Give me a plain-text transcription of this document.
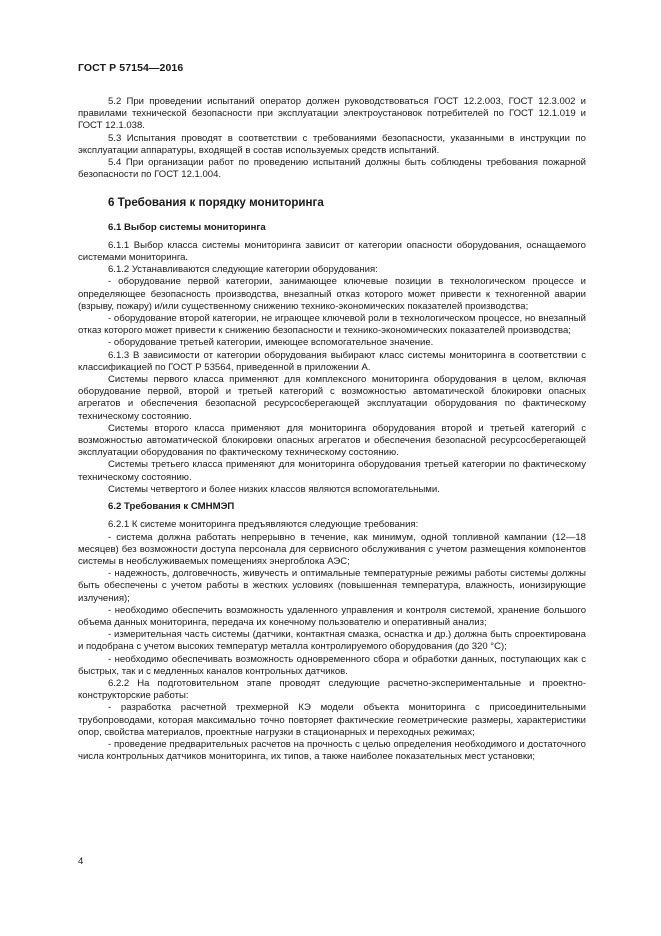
ГОСТ Р 57154—2016

5.2 При проведении испытаний оператор должен руководствоваться ГОСТ 12.2.003, ГОСТ 12.3.002 и правилами технической безопасности при эксплуатации электроустановок потребителей по ГОСТ 12.1.019 и ГОСТ 12.1.038.

5.3 Испытания проводят в соответствии с требованиями безопасности, указанными в инструкции по эксплуатации аппаратуры, входящей в состав используемых средств испытаний.

5.4 При организации работ по проведению испытаний должны быть соблюдены требования пожарной безопасности по ГОСТ 12.1.004.

6 Требования к порядку мониторинга
6.1 Выбор системы мониторинга

6.1.1 Выбор класса системы мониторинга зависит от категории опасности оборудования, оснащаемого системами мониторинга.

6.1.2 Устанавливаются следующие категории оборудования:

- оборудование первой категории, занимающее ключевые позиции в технологическом процессе и определяющее безопасность производства, внезапный отказ которого может привести к техногенной аварии (взрыву, пожару) и/или существенному снижению технико-экономических показателей производства;

- оборудование второй категории, не играющее ключевой роли в технологическом процессе, но внезапный отказ которого может привести к снижению безопасности и технико-экономических показателей производства;

- оборудование третьей категории, имеющее вспомогательное значение.

6.1.3 В зависимости от категории оборудования выбирают класс системы мониторинга в соответствии с классификацией по ГОСТ Р 53564, приведенной в приложении А.

Системы первого класса применяют для комплексного мониторинга оборудования в целом, включая оборудование первой, второй и третьей категорий с возможностью автоматической блокировки опасных агрегатов и обеспечения безопасной ресурсосберегающей эксплуатации оборудования по фактическому техническому состоянию.

Системы второго класса применяют для мониторинга оборудования второй и третьей категорий с возможностью автоматической блокировки опасных агрегатов и обеспечения безопасной ресурсосберегающей эксплуатации оборудования по фактическому техническому состоянию.

Системы третьего класса применяют для мониторинга оборудования третьей категории по фактическому техническому состоянию.

Системы четвертого и более низких классов являются вспомогательными.

6.2 Требования к СМНМЭП

6.2.1 К системе мониторинга предъявляются следующие требования:

- система должна работать непрерывно в течение, как минимум, одной топливной кампании (12—18 месяцев) без возможности доступа персонала для сервисного обслуживания с учетом размещения компонентов системы в необслуживаемых помещениях энергоблока АЭС;

- надежность, долговечность, живучесть и оптимальные температурные режимы работы системы должны быть обеспечены с учетом работы в жестких условиях (повышенная температура, влажность, ионизирующие излучения);

- необходимо обеспечить возможность удаленного управления и контроля системой, хранение большого объема данных мониторинга, передача их конечному пользователю и оперативный анализ;

- измерительная часть системы (датчики, контактная смазка, оснастка и др.) должна быть спроектирована и подобрана с учетом высоких температур металла контролируемого оборудования (до 320 °С);

- необходимо обеспечивать возможность одновременного сбора и обработки данных, поступающих как с быстрых, так и с медленных каналов контрольных датчиков.

6.2.2 На подготовительном этапе проводят следующие расчетно-экспериментальные и проектно-конструкторские работы:

- разработка расчетной трехмерной КЭ модели объекта мониторинга с присоединительными трубопроводами, которая максимально точно повторяет фактические геометрические размеры, характеристики опор, свойства материалов, проектные нагрузки в стационарных и переходных режимах;

- проведение предварительных расчетов на прочность с целью определения необходимого и достаточного числа контрольных датчиков мониторинга, их типов, а также наиболее показательных мест установки;

4
